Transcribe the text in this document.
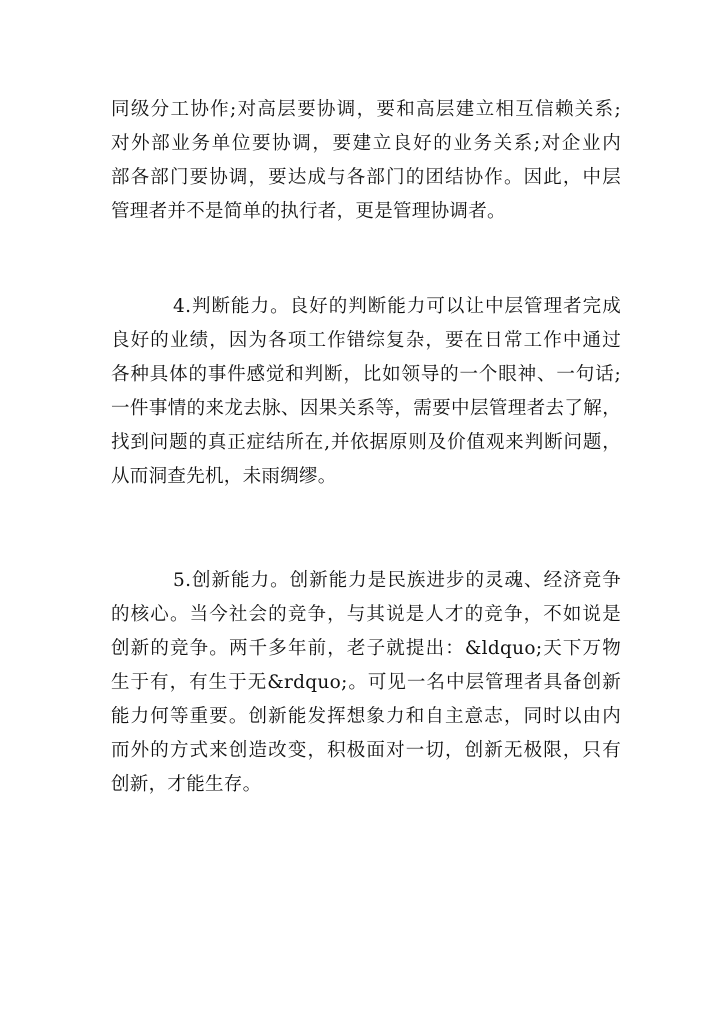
同级分工协作;对高层要协调，要和高层建立相互信赖关系;
对外部业务单位要协调，要建立良好的业务关系;对企业内
部各部门要协调，要达成与各部门的团结协作。因此，中层
管理者并不是简单的执行者，更是管理协调者。
4.判断能力。良好的判断能力可以让中层管理者完成
良好的业绩，因为各项工作错综复杂，要在日常工作中通过
各种具体的事件感觉和判断，比如领导的一个眼神、一句话;
一件事情的来龙去脉、因果关系等，需要中层管理者去了解，
找到问题的真正症结所在,并依据原则及价值观来判断问题，
从而洞查先机，未雨绸缪。
5.创新能力。创新能力是民族进步的灵魂、经济竞争
的核心。当今社会的竞争，与其说是人才的竞争，不如说是
创新的竞争。两千多年前，老子就提出：&ldquo;天下万物
生于有，有生于无&rdquo;。可见一名中层管理者具备创新
能力何等重要。创新能发挥想象力和自主意志，同时以由内
而外的方式来创造改变，积极面对一切，创新无极限，只有
创新，才能生存。
